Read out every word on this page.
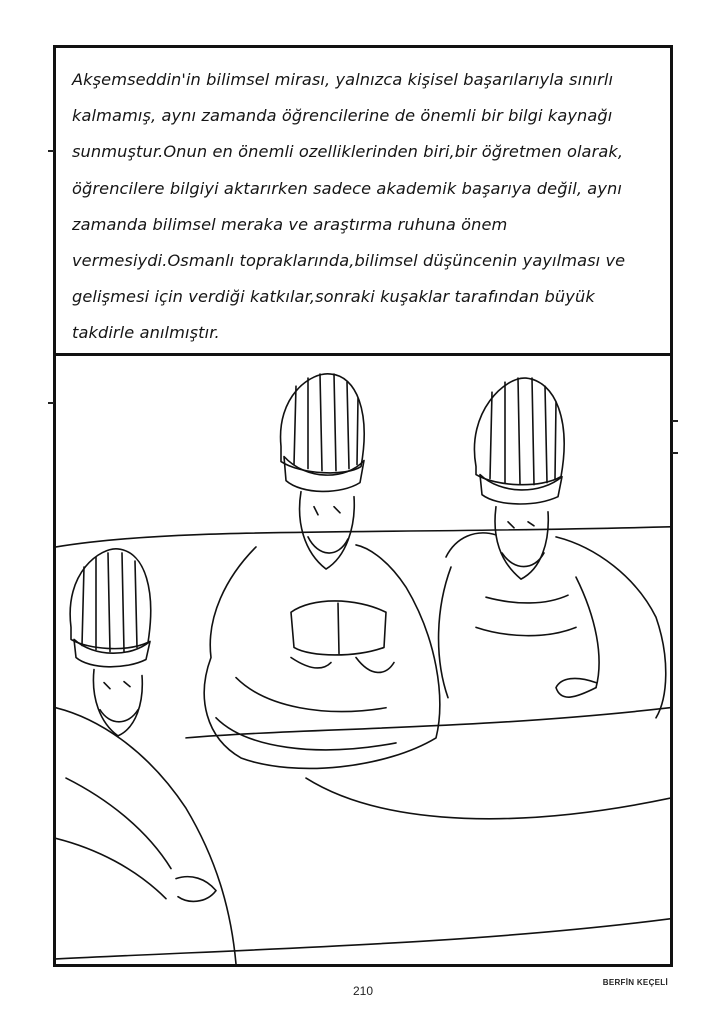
Akşemseddin'in bilimsel mirası, yalnızca kişisel başarılarıyla sınırlı kalmamış, aynı zamanda öğrencilerine de önemli bir bilgi kaynağı sunmuştur.Onun en önemli ozelliklerinden biri,bir öğretmen olarak, öğrencilere bilgiyi aktarırken sadece akademik başarıya değil, aynı zamanda bilimsel meraka ve araştırma ruhuna önem vermesiydi.Osmanlı topraklarında,bilimsel düşüncenin yayılması ve gelişmesi için verdiği katkılar,sonraki kuşaklar tarafından büyük takdirle anılmıştır.

210
BERFİN KEÇELİ
